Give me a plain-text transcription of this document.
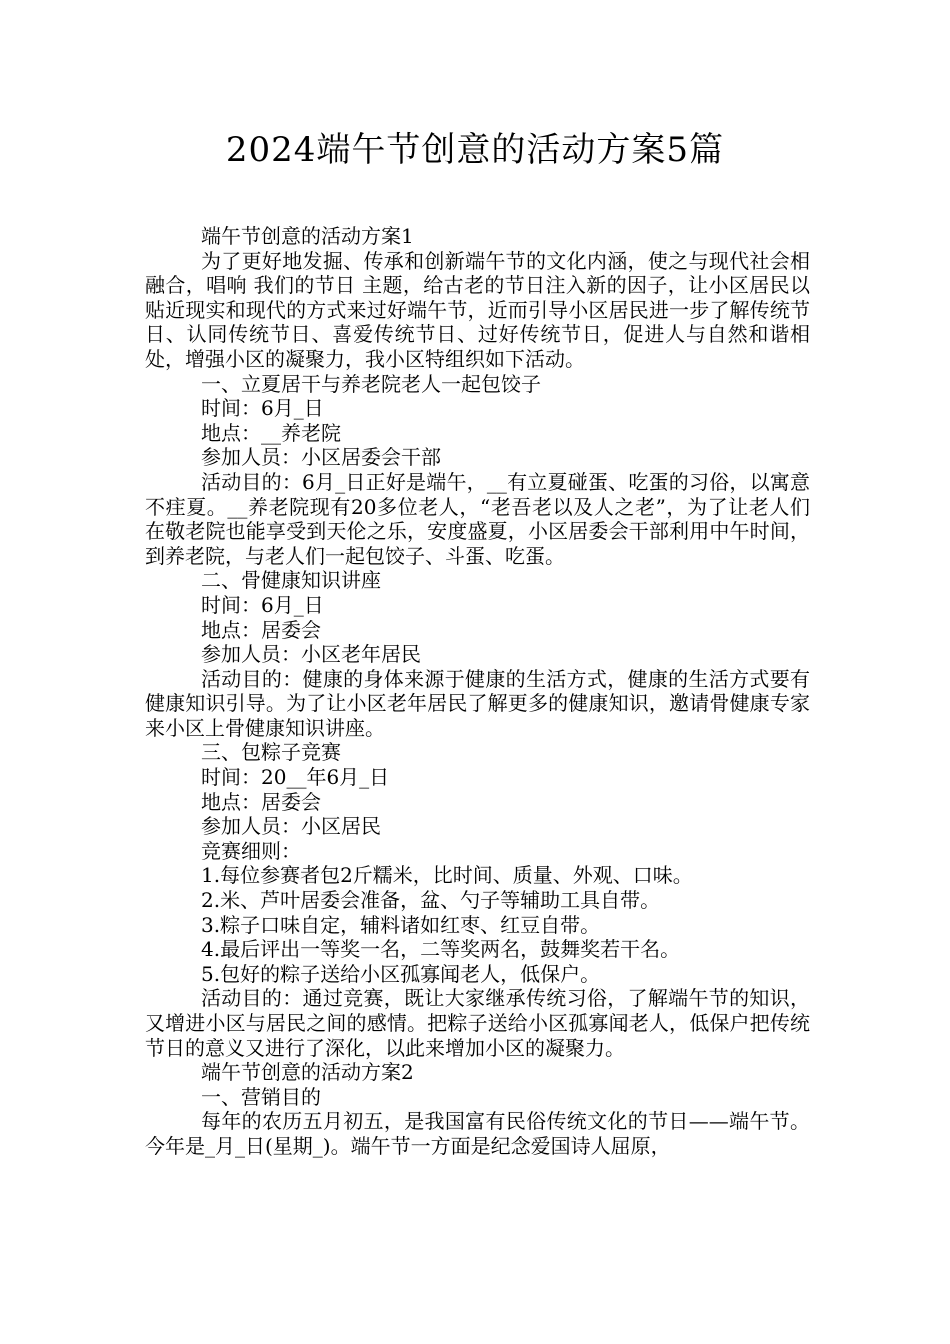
2024端午节创意的活动方案5篇

端午节创意的活动方案1

为了更好地发掘、传承和创新端午节的文化内涵，使之与现代社会相融合，唱响 我们的节日 主题，给古老的节日注入新的因子，让小区居民以贴近现实和现代的方式来过好端午节，近而引导小区居民进一步了解传统节日、认同传统节日、喜爱传统节日、过好传统节日，促进人与自然和谐相处，增强小区的凝聚力，我小区特组织如下活动。

一、立夏居干与养老院老人一起包饺子

时间：6月_日

地点：__养老院

参加人员：小区居委会干部

活动目的：6月_日正好是端午，__有立夏碰蛋、吃蛋的习俗，以寓意不疰夏。__养老院现有20多位老人，“老吾老以及人之老”，为了让老人们在敬老院也能享受到天伦之乐，安度盛夏，小区居委会干部利用中午时间，到养老院，与老人们一起包饺子、斗蛋、吃蛋。

二、骨健康知识讲座

时间：6月_日

地点：居委会

参加人员：小区老年居民

活动目的：健康的身体来源于健康的生活方式，健康的生活方式要有健康知识引导。为了让小区老年居民了解更多的健康知识，邀请骨健康专家来小区上骨健康知识讲座。

三、包粽子竞赛

时间：20__年6月_日

地点：居委会

参加人员：小区居民

竞赛细则：

1.每位参赛者包2斤糯米，比时间、质量、外观、口味。

2.米、芦叶居委会准备，盆、勺子等辅助工具自带。

3.粽子口味自定，辅料诸如红枣、红豆自带。

4.最后评出一等奖一名，二等奖两名，鼓舞奖若干名。

5.包好的粽子送给小区孤寡闻老人，低保户。

活动目的：通过竞赛，既让大家继承传统习俗，了解端午节的知识，又增进小区与居民之间的感情。把粽子送给小区孤寡闻老人，低保户把传统节日的意义又进行了深化，以此来增加小区的凝聚力。

端午节创意的活动方案2

一、营销目的

每年的农历五月初五，是我国富有民俗传统文化的节日——端午节。今年是_月_日(星期_)。端午节一方面是纪念爱国诗人屈原，
